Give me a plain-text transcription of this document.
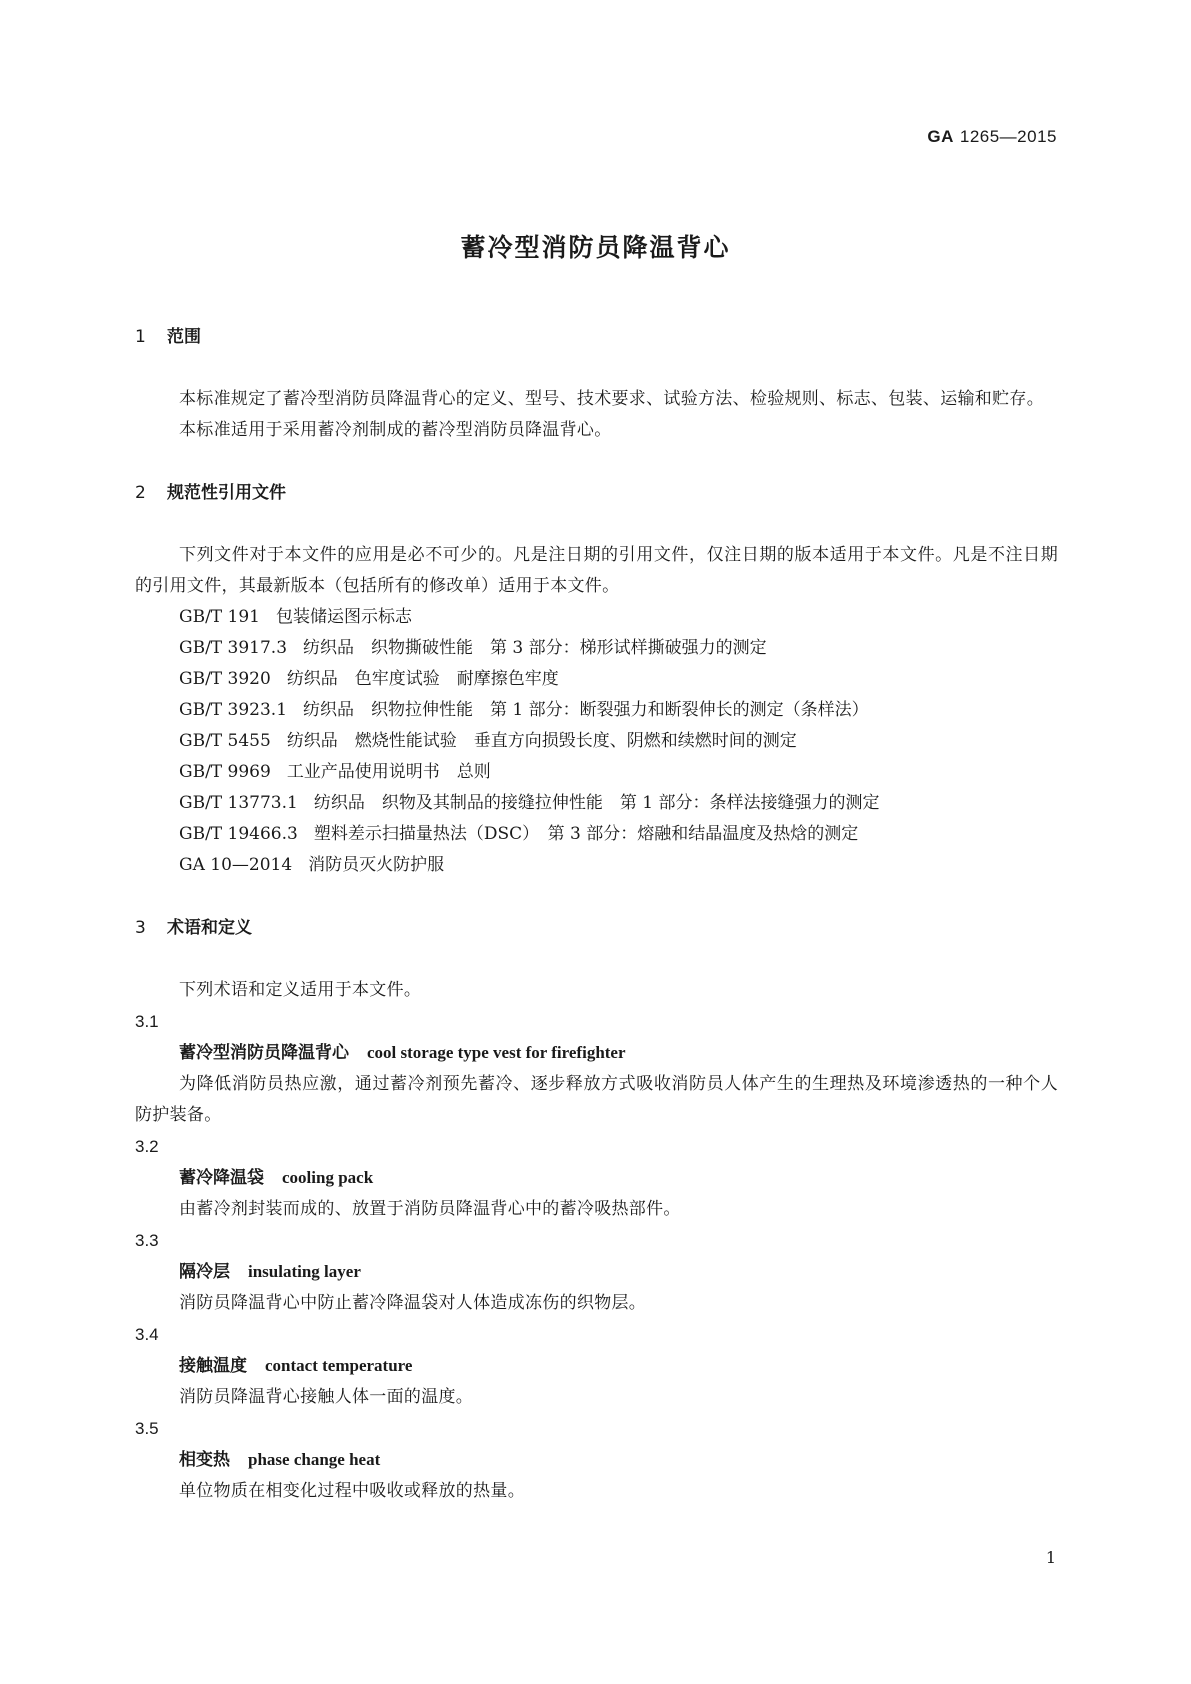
GA 1265—2015
蓄冷型消防员降温背心
1 范围

本标准规定了蓄冷型消防员降温背心的定义、型号、技术要求、试验方法、检验规则、标志、包装、运输和贮存。

本标准适用于采用蓄冷剂制成的蓄冷型消防员降温背心。

2 规范性引用文件

下列文件对于本文件的应用是必不可少的。凡是注日期的引用文件，仅注日期的版本适用于本文件。凡是不注日期的引用文件，其最新版本（包括所有的修改单）适用于本文件。

GB/T 191 包装储运图示标志

GB/T 3917.3 纺织品　织物撕破性能　第 3 部分：梯形试样撕破强力的测定

GB/T 3920 纺织品　色牢度试验　耐摩擦色牢度

GB/T 3923.1 纺织品　织物拉伸性能　第 1 部分：断裂强力和断裂伸长的测定（条样法）

GB/T 5455 纺织品　燃烧性能试验　垂直方向损毁长度、阴燃和续燃时间的测定

GB/T 9969 工业产品使用说明书　总则

GB/T 13773.1 纺织品　织物及其制品的接缝拉伸性能　第 1 部分：条样法接缝强力的测定

GB/T 19466.3 塑料差示扫描量热法（DSC）　第 3 部分：熔融和结晶温度及热焓的测定

GA 10—2014 消防员灭火防护服

3 术语和定义

下列术语和定义适用于本文件。

3.1

蓄冷型消防员降温背心 cool storage type vest for firefighter

为降低消防员热应激，通过蓄冷剂预先蓄冷、逐步释放方式吸收消防员人体产生的生理热及环境渗透热的一种个人防护装备。

3.2

蓄冷降温袋 cooling pack

由蓄冷剂封装而成的、放置于消防员降温背心中的蓄冷吸热部件。

3.3

隔冷层 insulating layer

消防员降温背心中防止蓄冷降温袋对人体造成冻伤的织物层。

3.4

接触温度 contact temperature

消防员降温背心接触人体一面的温度。

3.5

相变热 phase change heat

单位物质在相变化过程中吸收或释放的热量。

1
